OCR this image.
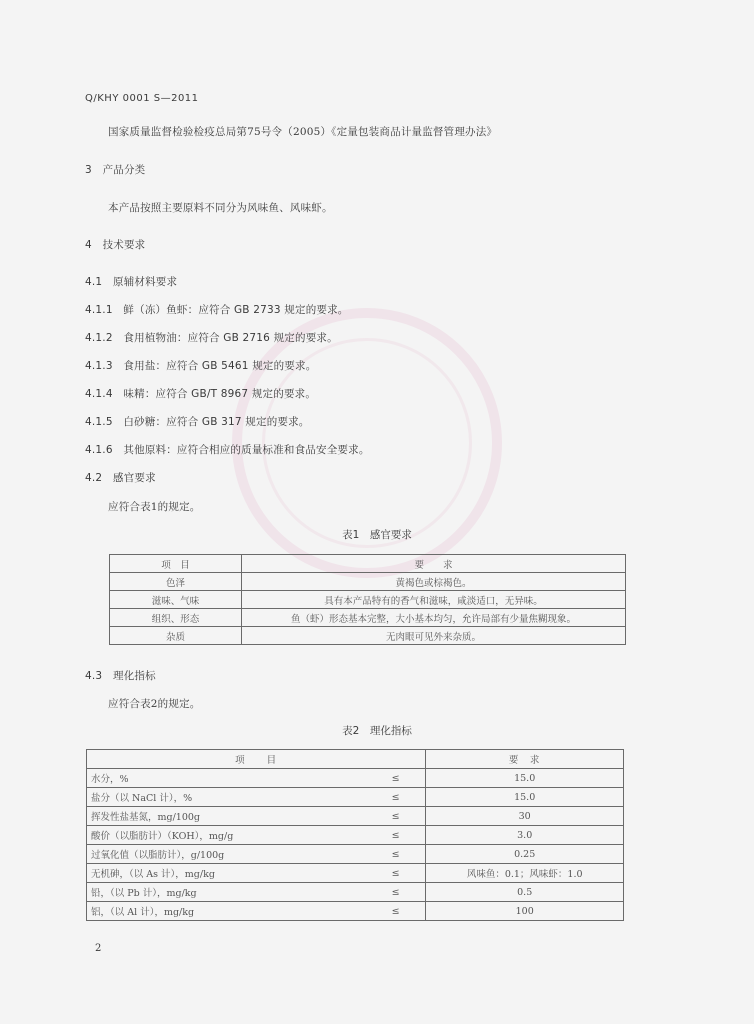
Q/KHY 0001 S—2011
国家质量监督检验检疫总局第75号令（2005）《定量包装商品计量监督管理办法》
3　产品分类
本产品按照主要原料不同分为风味鱼、风味虾。
4　技术要求
4.1　原辅材料要求
4.1.1　鲜（冻）鱼虾：应符合 GB 2733 规定的要求。
4.1.2　食用植物油：应符合 GB 2716 规定的要求。
4.1.3　食用盐：应符合 GB 5461 规定的要求。
4.1.4　味精：应符合 GB/T 8967 规定的要求。
4.1.5　白砂糖：应符合 GB 317 规定的要求。
4.1.6　其他原料：应符合相应的质量标准和食品安全要求。
4.2　感官要求
应符合表1的规定。
表1　感官要求
项　目	要　　求
色泽	黄褐色或棕褐色。
滋味、气味	具有本产品特有的香气和滋味，咸淡适口，无异味。
组织、形态	鱼（虾）形态基本完整，大小基本均匀，允许局部有少量焦糊现象。
杂质	无肉眼可见外来杂质。
4.3　理化指标
应符合表2的规定。
表2　理化指标
项　　目		要　求
水分，%	≤	15.0
盐分（以 NaCl 计），%	≤	15.0
挥发性盐基氮，mg/100g	≤	30
酸价（以脂肪计）（KOH），mg/g	≤	3.0
过氧化值（以脂肪计），g/100g	≤	0.25
无机砷，（以 As 计），mg/kg	≤	风味鱼：0.1；风味虾：1.0
铅，（以 Pb 计），mg/kg	≤	0.5
铝，（以 Al 计），mg/kg	≤	100
2
